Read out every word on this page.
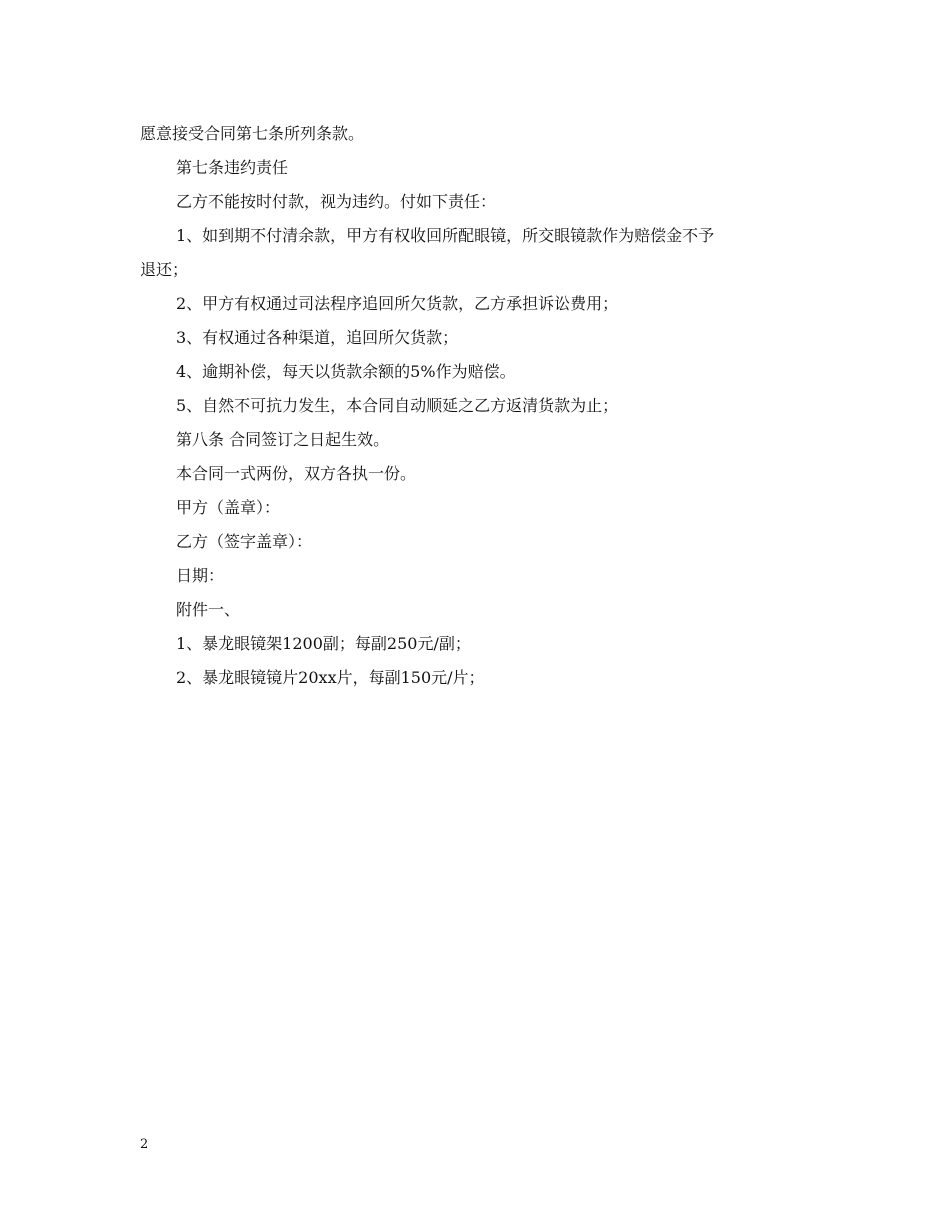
愿意接受合同第七条所列条款。

第七条违约责任

乙方不能按时付款，视为违约。付如下责任：

1、如到期不付清余款，甲方有权收回所配眼镜，所交眼镜款作为赔偿金不予

退还；

2、甲方有权通过司法程序追回所欠货款，乙方承担诉讼费用；

3、有权通过各种渠道，追回所欠货款；

4、逾期补偿，每天以货款余额的5%作为赔偿。

5、自然不可抗力发生，本合同自动顺延之乙方返清货款为止；

第八条 合同签订之日起生效。

本合同一式两份，双方各执一份。

甲方（盖章）：

乙方（签字盖章）：

日期：

附件一、

1、暴龙眼镜架1200副；每副250元/副；

2、暴龙眼镜镜片20xx片，每副150元/片；

2
